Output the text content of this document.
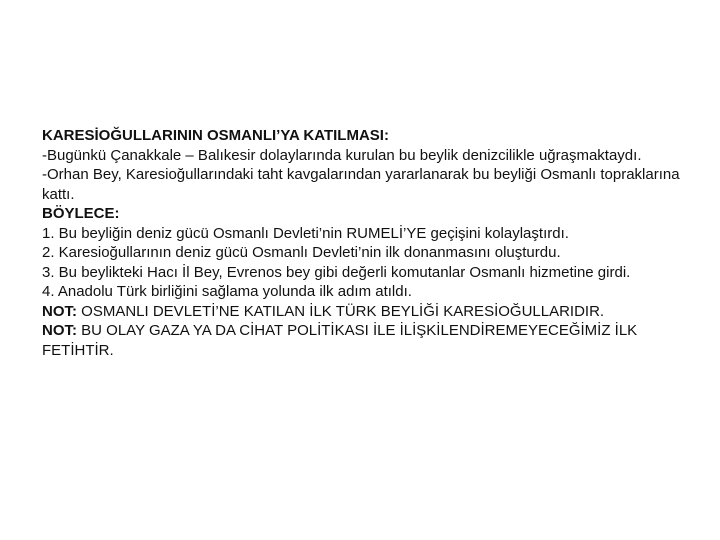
KARESİOĞULLARININ OSMANLI’YA KATILMASI:

-Bugünkü Çanakkale – Balıkesir dolaylarında kurulan bu beylik denizcilikle uğraşmaktaydı.

-Orhan Bey, Karesioğullarındaki taht kavgalarından yararlanarak bu beyliği Osmanlı topraklarına kattı.

BÖYLECE:

1. Bu beyliğin deniz gücü Osmanlı Devleti’nin RUMELİ’YE geçişini kolaylaştırdı.

2. Karesioğullarının deniz gücü Osmanlı Devleti’nin ilk donanmasını oluşturdu.

3. Bu beylikteki Hacı İl Bey, Evrenos bey gibi değerli komutanlar Osmanlı hizmetine girdi.

4. Anadolu Türk birliğini sağlama yolunda ilk adım atıldı.

NOT: OSMANLI DEVLETİ’NE KATILAN İLK TÜRK BEYLİĞİ KARESİOĞULLARIDIR.

NOT: BU OLAY GAZA YA DA CİHAT POLİTİKASI İLE İLİŞKİLENDİREMEYECEĞİMİZ İLK FETİHTİR.
